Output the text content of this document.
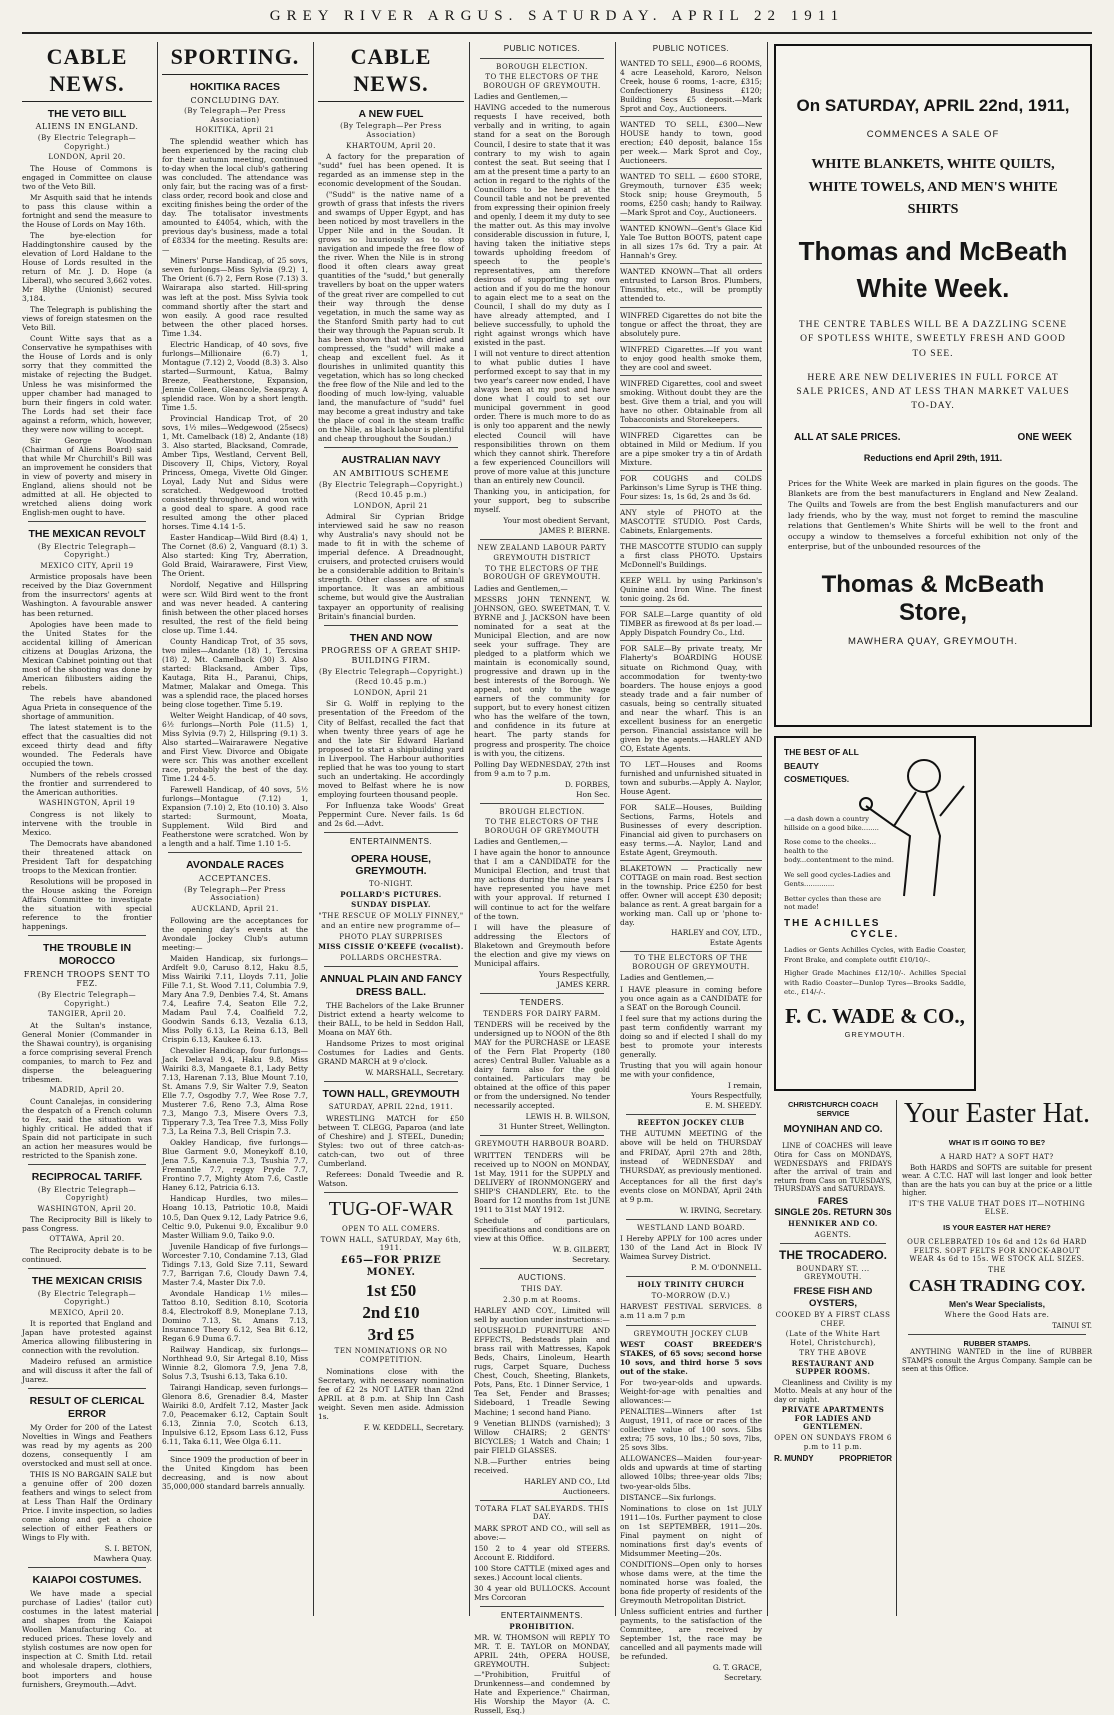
GREY RIVER ARGUS. SATURDAY. APRIL 22 1911
CABLE NEWS.
THE VETO BILL
ALIENS IN ENGLAND.
(By Electric Telegraph—Copyright.)
LONDON, April 20.

The House of Commons is engaged in Committee on clause two of the Veto Bill.

Mr Asquith said that he intends to pass this clause within a fortnight and send the measure to the House of Lords on May 16th.

The bye-election for Haddingtonshire caused by the elevation of Lord Haldane to the House of Lords resulted in the return of Mr. J. D. Hope (a Liberal), who secured 3,662 votes. Mr Blythe (Unionist) secured 3,184.

The Telegraph is publishing the views of foreign statesmen on the Veto Bill.

Count Witte says that as a Conservative he sympathises with the House of Lords and is only sorry that they committed the mistake of rejecting the Budget. Unless he was misinformed the upper chamber had managed to burn their fingers in cold water. The Lords had set their face against a reform, which, however, they were now willing to accept.

Sir George Woodman (Chairman of Aliens Board) said that while Mr Churchill's Bill was an improvement he considers that in view of poverty and misery in England, aliens should not be admitted at all. He objected to wretched aliens doing work English-men ought to have.

THE MEXICAN REVOLT
(By Electric Telegraph—Copyright.)
MEXICO CITY, April 19

Armistice proposals have been received by the Diaz Government from the insurrectors' agents at Washington. A favourable answer has been returned.

Apologies have been made to the United States for the accidental killing of American citizens at Douglas Arizona, the Mexican Cabinet pointing out that most of the shooting was done by American filibusters aiding the rebels.

The rebels have abandoned Agua Prieta in consequence of the shortage of ammunition.

The latest statement is to the effect that the casualties did not exceed thirty dead and fifty wounded. The Federals have occupied the town.

Numbers of the rebels crossed the frontier and surrendered to the American authorities.

WASHINGTON, April 19

Congress is not likely to intervene with the trouble in Mexico.

The Democrats have abandoned their threatened attack on President Taft for despatching troops to the Mexican frontier.

Resolutions will be proposed in the House asking the Foreign Affairs Committee to investigate the situation with special reference to the frontier happenings.

THE TROUBLE IN MOROCCO
FRENCH TROOPS SENT TO FEZ.
(By Electric Telegraph—Copyright.)
TANGIER, April 20.

At the Sultan's instance, General Monier (Commander in the Shawai country), is organising a force comprising several French companies, to march to Fez and disperse the beleaguering tribesmen.

MADRID, April 20.

Count Canalejas, in considering the despatch of a French column to Fez, said the situation was highly critical. He added that if Spain did not participate in such an action her measures would be restricted to the Spanish zone.

RECIPROCAL TARIFF.
(By Electric Telegraph—Copyright)
WASHINGTON, April 20.

The Reciprocity Bill is likely to pass Congress.

OTTAWA, April 20.

The Reciprocity debate is to be continued.

THE MEXICAN CRISIS
(By Electric Telegraph—Copyright.)
MEXICO, April 20.

It is reported that England and Japan have protested against America allowing filibustering in connection with the revolution.

Madeiro refused an armistice and will discuss it after the fall of Juarez.

RESULT OF CLERICAL ERROR

My Order for 200 of the Latest Novelties in Wings and Feathers was read by my agents as 200 dozens, consequently I am overstocked and must sell at once.

THIS IS NO BARGAIN SALE but a genuine offer of 200 dozen feathers and wings to select from at Less Than Half the Ordinary Price. I invite inspection, so ladies come along and get a choice selection of either Feathers or Wings to Fly with.

S. I. BETON,
Mawhera Quay.
KAIAPOI COSTUMES.

We have made a special purchase of Ladies' (tailor cut) costumes in the latest material and shapes from the Kaiapoi Woollen Manufacturing Co. at reduced prices. These lovely and stylish costumes are now open for inspection at C. Smith Ltd. retail and wholesale drapers, clothiers, boot importers and house furnishers, Greymouth.—Advt.

SPORTING.
HOKITIKA RACES
CONCLUDING DAY.
(By Telegraph—Per Press Association)
HOKITIKA, April 21

The splendid weather which has been experienced by the racing club for their autumn meeting, continued to-day when the local club's gathering was concluded. The attendance was only fair, but the racing was of a first-class order, record book and close and exciting finishes being the order of the day. The totalisator investments amounted to £4054, which, with the previous day's business, made a total of £8334 for the meeting. Results are:—

Miners' Purse Handicap, of 25 sovs, seven furlongs—Miss Sylvia (9.2) 1, The Orient (6.7) 2, Fern Rose (7.13) 3. Wairarapa also started. Hill-spring was left at the post. Miss Sylvia took command shortly after the start and won easily. A good race resulted between the other placed horses. Time 1.34.

Electric Handicap, of 40 sovs, five furlongs—Millionaire (6.7) 1, Montague (7.12) 2, Voodd (8.3) 3. Also started—Surmount, Katua, Balmy Breeze, Featherstone, Expansion, Jennie Colleen, Gleancole, Seaspray. A splendid race. Won by a short length. Time 1.5.

Provincial Handicap Trot, of 20 sovs, 1½ miles—Wedgewood (25secs) 1, Mt. Camelback (18) 2, Andante (18) 3. Also started, Blacksand, Comrade, Amber Tips, Westland, Cervent Bell, Discovery II, Chips, Victory, Royal Princess, Omega, Vivette Old Ginger. Loyal, Lady Nut and Sidus were scratched. Wedgewood trotted consistently throughout, and won with a good deal to spare. A good race resulted among the other placed horses. Time 4.14 1-5.

Easter Handicap—Wild Bird (8.4) 1, The Cornet (8.6) 2, Vanguard (8.1) 3. Also started: King Try, Aberration, Gold Braid, Wairarawere, First View, The Orient.

Nordolf, Negative and Hillspring were scr. Wild Bird went to the front and was never headed. A cantering finish between the other placed horses resulted, the rest of the field being close up. Time 1.44.

County Handicap Trot, of 35 sovs, two miles—Andante (18) 1, Tercsina (18) 2, Mt. Camelback (30) 3. Also started: Blacksand, Amber Tips, Kautaga, Rita H., Paranui, Chips, Matmer, Malakar and Omega. This was a splendid race, the placed horses being close together. Time 5.19.

Welter Weight Handicap, of 40 sovs, 6½ furlongs—North Pole (11.5) 1, Miss Sylvia (9.7) 2, Hillspring (9.1) 3. Also started—Wairarawere Negative and First View. Divorce and Obigate were scr. This was another excellent race, probably the best of the day. Time 1.24 4-5.

Farewell Handicap, of 40 sovs, 5½ furlongs—Montague (7.12) 1, Expansion (7.10) 2, Eto (10.10) 3. Also started: Surmount, Moata, Supplement. Wild Bird and Featherstone were scratched. Won by a length and a half. Time 1.10 1-5.

AVONDALE RACES
ACCEPTANCES.
(By Telegraph—Per Press Association)
AUCKLAND, April 21.

Following are the acceptances for the opening day's events at the Avondale Jockey Club's autumn meeting:—

Maiden Handicap, six furlongs—Ardfelt 9.0, Caruso 8.12, Haku 8.5, Miss Wairiki 7.11, Lloyds 7.11, Jolie Fille 7.1, St. Wood 7.11, Columbia 7.9, Mary Ana 7.9, Denbies 7.4, St. Amans 7.4, Leafire 7.4, Seaton Elle 7.2, Madam Paul 7.4, Coalfield 7.2, Goodwin Sands 6.13, Vezalia 6.13, Miss Polly 6.13, La Reina 6.13, Bell Crispin 6.13, Kaukee 6.13.

Chevalier Handicap, four furlongs—Jack Delaval 9.4, Haku 9.8, Miss Wairiki 8.3, Mangaete 8.1, Lady Betty 7.13, Harenan 7.13, Blue Mount 7.10, St. Amans 7.9, Sir Walter 7.9, Seaton Elle 7.7, Osgodby 7.7, Wee Rose 7.7, Musterer 7.6, Reno 7.3, Alma Rose 7.3, Mango 7.3, Misere Overs 7.3, Tipperary 7.3, Tea Tree 7.3, Miss Folly 7.3, La Reina 7.3, Bell Crispin 7.3.

Oakley Handicap, five furlongs—Blue Garment 9.0, Moneykoff 8.10, Jena 7.5, Kanenuia 7.3, Tsushia 7.7, Fremantle 7.7, reggy Pryde 7.7, Frontino 7.7, Mighty Atom 7.6, Castle Haney 6.12, Patricia 6.13.

Handicap Hurdles, two miles—Hoang 10.13, Patriotic 10.8, Maidi 10.5, Dan Quex 9.12, Lady Patrice 9.6, Celtic 9.0, Pukenui 9.0, Excalibur 9.0 Master William 9.0, Taiko 9.0.

Juvenile Handicap of five furlongs—Worcester 7.10, Condamine 7.13, Glad Tidings 7.13, Gold Size 7.11, Seward 7.7, Barrigan 7.6, Cloudy Dawn 7.4, Master 7.4, Master Dix 7.0.

Avondale Handicap 1½ miles—Tattoo 8.10, Sedition 8.10, Scotoria 8.4, Electrokoff 8.9, Moneplane 7.13, Domino 7.13, St. Amans 7.13, Insurance Theory 6.12, Sea Bit 6.12, Regan 6.9 Duma 6.7.

Railway Handicap, six furlongs—Northhead 9.0, Sir Artegal 8.10, Miss Winnie 8.2, Glomora 7.9, Jena 7.8, Solus 7.3, Tsushi 6.13, Taka 6.10.

Tairangi Handicap, seven furlongs—Glenora 8.6, Grenadier 8.4, Master Wairiki 8.0, Ardfelt 7.12, Master Jack 7.0, Peacemaker 6.12, Captain Soult 6.13, Zinnia 7.0, Scotch 6.13, Inpulsive 6.12, Epsom Lass 6.12, Fuss 6.11, Taka 6.11, Wee Olga 6.11.

Since 1909 the production of beer in the United Kingdom has been decreasing, and is now about 35,000,000 standard barrels annually.

CABLE NEWS.
A NEW FUEL
(By Telegraph—Per Press Association)
KHARTOUM, April 20.

A factory for the preparation of "sudd" fuel has been opened. It is regarded as an immense step in the economic development of the Soudan.

("Sudd" is the native name of a growth of grass that infests the rivers and swamps of Upper Egypt, and has been noticed by most travellers in the Upper Nile and in the Soudan. It grows so luxuriously as to stop navigation and impede the free flow of the river. When the Nile is in strong flood it often clears away great quantities of the "sudd," but generally travellers by boat on the upper waters of the great river are compelled to cut their way through the dense vegetation, in much the same way as the Stanford Smith party had to cut their way through the Papuan scrub. It has been shown that when dried and compressed, the "sudd" will make a cheap and excellent fuel. As it flourishes in unlimited quantity this vegetation, which has so long checked the free flow of the Nile and led to the flooding of much low-lying, valuable land, the manufacture of "sudd" fuel may become a great industry and take the place of coal in the steam traffic on the Nile, as black labour is plentiful and cheap throughout the Soudan.)

AUSTRALIAN NAVY
AN AMBITIOUS SCHEME
(By Electric Telegraph—Copyright.)
(Recd 10.45 p.m.)
LONDON, April 21

Admiral Sir Cyprian Bridge interviewed said he saw no reason why Australia's navy should not be made to fit in with the scheme of imperial defence. A Dreadnought, cruisers, and protected cruisers would be a considerable addition to Britain's strength. Other classes are of small importance. It was an ambitious scheme, but would give the Australian taxpayer an opportunity of realising Britain's financial burden.

THEN AND NOW
PROGRESS OF A GREAT SHIP-BUILDING FIRM.
(By Electric Telegraph—Copyright.)
(Recd 10.45 p.m.)
LONDON, April 21

Sir G. Wolff in replying to the presentation of the Freedom of the City of Belfast, recalled the fact that when twenty three years of age he and the late Sir Edward Harland proposed to start a shipbuilding yard in Liverpool. The Harbour authorities replied that he was too young to start such an undertaking. He accordingly moved to Belfast where he is now employing fourteen thousand people.

For Influenza take Woods' Great Peppermint Cure. Never fails. 1s 6d and 2s 6d.—Advt.

ENTERTAINMENTS.
OPERA HOUSE, GREYMOUTH.
TO-NIGHT.
POLLARD'S PICTURES.
SUNDAY DISPLAY.
"THE RESCUE OF MOLLY FINNEY,"
and an entire new programme of—
PHOTO PLAY SURPRISES
MISS CISSIE O'KEEFE (vocalist).
POLLARDS ORCHESTRA.
ANNUAL PLAIN AND FANCY DRESS BALL.

THE Bachelors of the Lake Brunner District extend a hearty welcome to their BALL, to be held in Seddon Hall, Moana on MAY 6th.

Handsome Prizes to most original Costumes for Ladies and Gents. GRAND MARCH at 9 o'clock.

W. MARSHALL, Secretary.
TOWN HALL, GREYMOUTH
SATURDAY, APRIL 22nd, 1911.

WRESTLING MATCH for £50 between T. CLEGG, Paparoa (and late of Cheshire) and J. STEEL, Dunedin; Styles: two out of three catch-as-catch-can, two out of three Cumberland.

Referees: Donald Tweedie and R. Watson.

TUG-OF-WAR
OPEN TO ALL COMERS.
TOWN HALL, SATURDAY, May 6th, 1911.
£65—FOR PRIZE MONEY.
1st £50
2nd £10
3rd £5
TEN NOMINATIONS OR NO COMPETITION.

Nominations close with the Secretary, with necessary nomination fee of £2 2s NOT LATER than 22nd APRIL at 8 p.m. at Ship Inn Cash weight. Seven men aside. Admission 1s.

F. W. KEDDELL, Secretary.
PUBLIC NOTICES.
BOROUGH ELECTION.
TO THE ELECTORS OF THE BOROUGH OF GREYMOUTH.

Ladies and Gentlemen,—

HAVING acceded to the numerous requests I have received, both verbally and in writing, to again stand for a seat on the Borough Council, I desire to state that it was contrary to my wish to again contest the seat. But seeing that I am at the present time a party to an action in regard to the rights of the Councillors to be heard at the Council table and not be prevented from expressing their opinion freely and openly, I deem it my duty to see the matter out. As this may involve considerable discussion in future, I, having taken the initiative steps towards upholding freedom of speech to the people's representatives, am therefore desirous of supporting my own action and if you do me the honour to again elect me to a seat on the Council, I shall do my duty as I have already attempted, and I believe successfully, to uphold the right against wrongs which have existed in the past.

I will not venture to direct attention to what public duties I have performed except to say that in my two year's career now ended, I have always been at my post and have done what I could to set our municipal government in good order. There is much more to do as is only too apparent and the newly elected Council will have responsibilities thrown on them which they cannot shirk. Therefore a few experienced Councillors will prove of more value at this juncture than an entirely new Council.

Thanking you, in anticipation, for your support, beg to subscribe myself.

Your most obedient Servant,
JAMES P. BIERNE.
NEW ZEALAND LABOUR PARTY
GREYMOUTH DISTRICT
TO THE ELECTORS OF THE BOROUGH OF GREYMOUTH.

Ladies and Gentlemen,—

MESSRS JOHN TENNENT, W. JOHNSON, GEO. SWEETMAN, T. V. BYRNE and J. JACKSON have been nominated for a seat at the Municipal Election, and are now seek your suffrage. They are pledged to a platform which we maintain is economically sound, progressive and drawn up in the best interests of the Borough. We appeal, not only to the wage earners of the community for support, but to every honest citizen who has the welfare of the town, and confidence in its future at heart. The party stands for progress and prosperity. The choice is with you, the citizens.

Polling Day WEDNESDAY, 27th inst from 9 a.m to 7 p.m.

D. FORBES,
Hon Sec.
BROUGH ELECTION.
TO THE ELECTORS OF THE BOROUGH OF GREYMOUTH

Ladies and Gentlemen,—

I have again the honor to announce that I am a CANDIDATE for the Municipal Election, and trust that my actions during the nine years I have represented you have met with your approval. If returned I will continue to act for the welfare of the town.

I will have the pleasure of addressing the Electors of Blaketown and Greymouth before the election and give my views on Municipal affairs.

Yours Respectfully,
JAMES KERR.
TENDERS.
TENDERS FOR DAIRY FARM.

TENDERS will be received by the undersigned up to NOON of the 8th MAY for the PURCHASE or LEASE of the Fern Flat Property (180 acres) Central Buller. Valuable as a dairy farm also for the gold contained. Particulars may be obtained at the office of this paper or from the undersigned. No tender necessarily accepted.

LEWIS H. B. WILSON,
31 Hunter Street, Wellington.
GREYMOUTH HARBOUR BOARD.

WRITTEN TENDERS will be received up to NOON on MONDAY, 1st May, 1911 for the SUPPLY and DELIVERY of IRONMONGERY and SHIP'S CHANDLERY, Etc. to the Board for 12 months from 1st JUNE 1911 to 31st MAY 1912.

Schedule of particulars, specifications and conditions are on view at this Office.

W. B. GILBERT,
Secretary.
AUCTIONS.
THIS DAY.
2.30 p.m at Rooms.

HARLEY AND COY., Limited will sell by auction under instructions:—

HOUSEHOLD FURNITURE AND EFFECTS, Bedsteads plain and brass rail with Mattresses, Kapok Beds, Chairs, Linoleum, Hearth rugs, Carpet Square, Duchess Chest, Couch, Sheeting, Blankets, Pots, Pans, Etc. 1 Dinner Service, 1 Tea Set, Fender and Brasses; Sideboard, 1 Treadle Sewing Machine; 1 second hand Piano.

9 Venetian BLINDS (varnished); 3 Willow CHAIRS; 2 GENTS' BICYCLES; 1 Watch and Chain; 1 pair FIELD GLASSES.

N.B.—Further entries being received.

HARLEY AND CO., Ltd
Auctioneers.
TOTARA FLAT SALEYARDS. THIS DAY.

MARK SPROT AND CO., will sell as above:—

150 2 to 4 year old STEERS. Account E. Riddiford.

100 Store CATTLE (mixed ages and sexes.) Account local clients.

30 4 year old BULLOCKS. Account Mrs Corcoran

ENTERTAINMENTS.
PROHIBITION.

MR. W. THOMSON will REPLY TO MR. T. E. TAYLOR on MONDAY, APRIL 24th, OPERA HOUSE, GREYMOUTH. Subject:—"Prohibition, Fruitful of Drunkenness—and condemned by Hate and Experience." Chairman, His Worship the Mayor (A. C. Russell, Esq.)

PUBLIC NOTICES.
WANTED TO SELL, £900—6 ROOMS, 4 acre Leasehold, Karoro, Nelson Creek, house 6 rooms, 1-acre, £315; Confectionery Business £120; Building Secs £5 deposit.—Mark Sprot and Coy., Auctioneers.
WANTED TO SELL, £300—New HOUSE handy to town, good erection; £40 deposit, balance 15s per week.— Mark Sprot and Coy., Auctioneers.
WANTED TO SELL — £600 STORE, Greymouth, turnover £35 week; Stock snip; house Greymouth, 5 rooms, £250 cash; handy to Railway.—Mark Sprot and Coy., Auctioneers.
WANTED KNOWN—Gent's Glace Kid Yale Toe Button BOOTS, patent cape in all sizes 17s 6d. Try a pair. At Hannah's Grey.
WANTED KNOWN—That all orders entrusted to Larson Bros. Plumbers, Tinsmiths, etc., will be promptly attended to.
WINFRED Cigarettes do not bite the tongue or affect the throat, they are absolutely pure.
WINFRED Cigarettes.—If you want to enjoy good health smoke them, they are cool and sweet.
WINFRED Cigarettes, cool and sweet smoking. Without doubt they are the best. Give them a trial, and you will have no other. Obtainable from all Tobacconists and Storekeepers.
WINFRED Cigarettes can be obtained in Mild or Medium. If you are a pipe smoker try a tin of Ardath Mixture.
FOR COUGHS and COLDS Parkinson's Lime Syrup is THE thing. Four sizes: 1s, 1s 6d, 2s and 3s 6d.
ANY style of PHOTO at the MASCOTTE STUDIO. Post Cards, Cabinets, Enlargements.
THE MASCOTTE STUDIO can supply a first class PHOTO. Upstairs McDonnell's Buildings.
KEEP WELL by using Parkinson's Quinine and Iron Wine. The finest tonic going. 2s 6d.
FOR SALE—Large quantity of old TIMBER as firewood at 8s per load.—Apply Dispatch Foundry Co., Ltd.
FOR SALE—By private treaty, Mr Flaherty's BOARDING HOUSE situate on Richmond Quay, with accommodation for twenty-two boarders. The house enjoys a good steady trade and a fair number of casuals, being so centrally situated and near the wharf. This is an excellent business for an energetic person. Financial assistance will be given by the agents.—HARLEY AND CO, Estate Agents.
TO LET—Houses and Rooms furnished and unfurnished situated in town and suburbs.—Apply A. Naylor, House Agent.
FOR SALE—Houses, Building Sections, Farms, Hotels and Businesses of every description. Financial aid given to purchasers on easy terms.—A. Naylor, Land and Estate Agent, Greymouth.
BLAKETOWN — Practically new COTTAGE on main road. Best section in the township. Price £250 for best offer. Owner will accept £30 deposit; balance as rent. A great bargain for a working man. Call up or 'phone to-day.
HARLEY and COY, LTD.,
Estate Agents
TO THE ELECTORS OF THE BOROUGH OF GREYMOUTH.

Ladies and Gentlemen,—

I HAVE pleasure in coming before you once again as a CANDIDATE for a SEAT on the Borough Council.

I feel sure that my actions during the past term confidently warrant my doing so and if elected I shall do my best to promote your interests generally.

Trusting that you will again honour me with your confidence,

I remain,
Yours Respectfully,
E. M. SHEEDY.
REEFTON JOCKEY CLUB

THE AUTUMN MEETING of the above will be held on THURSDAY and FRIDAY, April 27th and 28th, instead of WEDNESDAY and THURSDAY, as previously mentioned.

Acceptances for all the first day's events close on MONDAY, April 24th at 9 p.m.

W. IRVING, Secretary.
WESTLAND LAND BOARD.

I Hereby APPLY for 100 acres under 130 of the Land Act in Block IV Waimea Survey District.

P. M. O'DONNELL.
HOLY TRINITY CHURCH
TO-MORROW (D.V.)

HARVEST FESTIVAL SERVICES. 8 a.m 11 a.m 7 p.m

GREYMOUTH JOCKEY CLUB

WEST COAST BREEDER'S STAKES, of 65 sovs; second horse 10 sovs, and third horse 5 sovs out of the stake.

For two-year-olds and upwards. Weight-for-age with penalties and allowances:—

PENALTIES—Winners after 1st August, 1911, of race or races of the collective value of 100 sovs. 5lbs extra; 75 sovs, 10 lbs.; 50 sovs, 7lbs, 25 sovs 3lbs.

ALLOWANCES—Maiden four-year-olds and upwards at time of starting allowed 10lbs; three-year olds 7lbs; two-year-olds 5lbs.

DISTANCE—Six furlongs.

Nominations to close on 1st JULY 1911—10s. Further payment to close on 1st SEPTEMBER, 1911—20s. Final payment on night of nominations first day's events of Midsummer Meeting—20s.

CONDITIONS—Open only to horses whose dams were, at the time the nominated horse was foaled, the bona fide property of residents of the Greymouth Metropolitan District.

Unless sufficient entries and further payments, to the satisfaction of the Committee, are received by September 1st, the race may be cancelled and all payments made will be refunded.

G. T. GRACE,
Secretary.
On SATURDAY, APRIL 22nd, 1911,
COMMENCES A SALE OF
WHITE BLANKETS, WHITE QUILTS, WHITE TOWELS, AND MEN'S WHITE SHIRTS
Thomas and McBeath White Week.
THE CENTRE TABLES WILL BE A DAZZLING SCENE OF SPOTLESS WHITE, SWEETLY FRESH AND GOOD TO SEE.
HERE ARE NEW DELIVERIES IN FULL FORCE AT SALE PRICES, AND AT LESS THAN MARKET VALUES TO-DAY.
ALL AT SALE PRICES.	ONE WEEK
Reductions end April 29th, 1911.
Prices for the White Week are marked in plain figures on the goods. The Blankets are from the best manufacturers in England and New Zealand. The Quilts and Towels are from the best English manufacturers and our lady friends, who by the way, must not forget to remind the masculine relations that Gentlemen's White Shirts will be well to the front and occupy a window to themselves a forceful exhibition not only of the enterprise, but of the unbounded resources of the
Thomas & McBeath Store,
MAWHERA QUAY, GREYMOUTH.
THE BEST OF ALL
BEAUTY
COSMETIQUES.

—a dash down a country hillside on a good bike........

Rose come to the cheeks... health to the body...contentment to the mind.

We sell good cycles-Ladies and Gents..............

Better cycles than these are not made!

THE ACHILLES
CYCLE.

Ladies or Gents Achilles Cycles, with Eadie Coaster, Front Brake, and complete outfit £10/10/-.

Higher Grade Machines £12/10/-. Achilles Special with Radio Coaster—Dunlop Tyres—Brooks Saddle, etc., £14/-/-.

F. C. WADE & CO.,
GREYMOUTH.
CHRISTCHURCH COACH SERVICE
MOYNIHAN AND CO.

LINE of COACHES will leave Otira for Cass on MONDAYS, WEDNESDAYS and FRIDAYS after the arrival of train and return from Cass on TUESDAYS, THURSDAYS and SATURDAYS.

FARES
SINGLE 20s. RETURN 30s
HENNIKER AND CO.
AGENTS.
THE TROCADERO.
BOUNDARY ST. ... GREYMOUTH.
FRESE FISH AND OYSTERS,
COOKED BY A FIRST CLASS CHEF.
(Late of the White Hart Hotel, Christchurch),
TRY THE ABOVE
RESTAURANT AND SUPPER ROOMS.

Cleanliness and Civility is my Motto. Meals at any hour of the day or night.

PRIVATE APARTMENTS FOR LADIES AND GENTLEMEN.
OPEN ON SUNDAYS FROM 6 p.m to 11 p.m.
R. MUNDY	PROPRIETOR
Your Easter Hat.
WHAT IS IT GOING TO BE?
A HARD HAT? A SOFT HAT?

Both HARDS and SOFTS are suitable for present wear. A C.T.C. HAT will last longer and look better than are the hats you can buy at the price or a little higher.

IT'S THE VALUE THAT DOES IT—NOTHING ELSE.
IS YOUR EASTER HAT HERE?
OUR CELEBRATED 10s 6d and 12s 6d HARD FELTS. SOFT FELTS FOR KNOCK-ABOUT WEAR 4s 6d to 15s. WE STOCK ALL SIZES.
THE
CASH TRADING COY.
Men's Wear Specialists,
Where the Good Hats are.
TAINUI ST.
RUBBER STAMPS.

ANYTHING WANTED in the line of RUBBER STAMPS consult the Argus Company. Sample can be seen at this Office.
